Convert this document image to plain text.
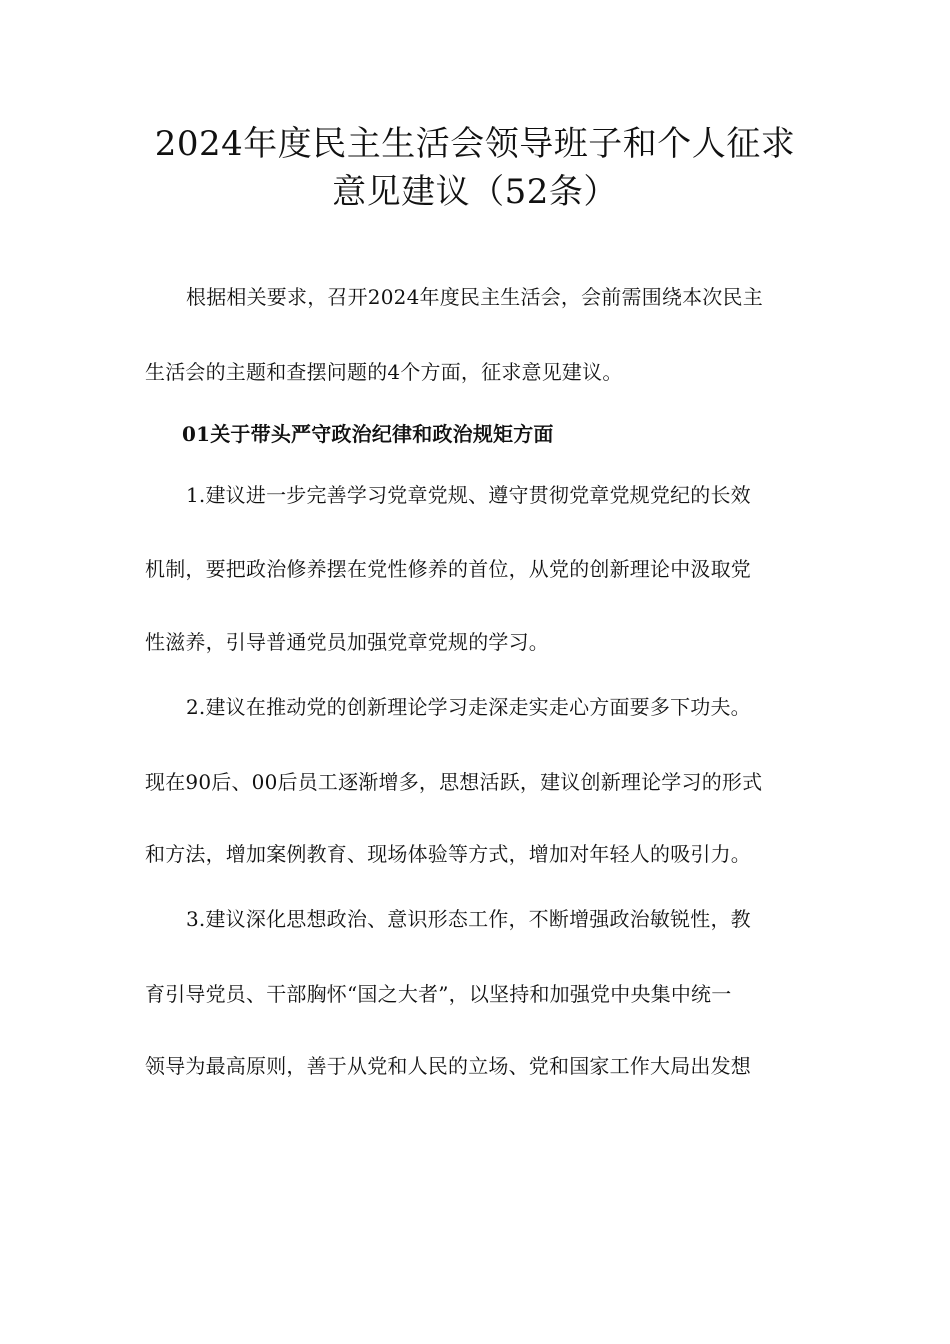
2024年度民主生活会领导班子和个人征求
意见建议（52条）
根据相关要求，召开2024年度民主生活会，会前需围绕本次民主
生活会的主题和查摆问题的4个方面，征求意见建议。
01关于带头严守政治纪律和政治规矩方面
1.建议进一步完善学习党章党规、遵守贯彻党章党规党纪的长效
机制，要把政治修养摆在党性修养的首位，从党的创新理论中汲取党
性滋养，引导普通党员加强党章党规的学习。
2.建议在推动党的创新理论学习走深走实走心方面要多下功夫。
现在90后、00后员工逐渐增多，思想活跃，建议创新理论学习的形式
和方法，增加案例教育、现场体验等方式，增加对年轻人的吸引力。
3.建议深化思想政治、意识形态工作，不断增强政治敏锐性，教
育引导党员、干部胸怀“国之大者”，以坚持和加强党中央集中统一
领导为最高原则，善于从党和人民的立场、党和国家工作大局出发想
